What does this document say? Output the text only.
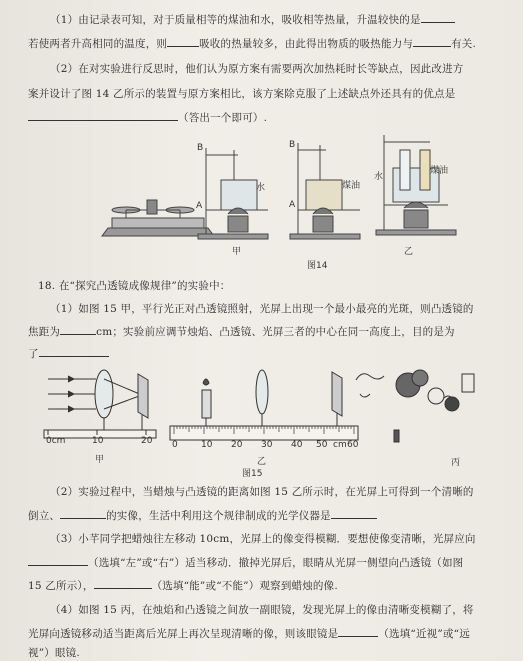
（1）由记录表可知，对于质量相等的煤油和水，吸收相等热量，升温较快的是
若使两者升高相同的温度，则	吸收的热量较多，由此得出物质的吸热能力与	有关.
（2）在对实验进行反思时，他们认为原方案有需要两次加热耗时长等缺点，因此改进方
案并设计了图 14 乙所示的装置与原方案相比，该方案除克服了上述缺点外还具有的优点是
（答出一个即可）.
B
A
水
B
A
煤油
水
煤油
甲	乙
图14
18. 在“探究凸透镜成像规律”的实验中：
（1）如图 15 甲，平行光正对凸透镜照射，光屏上出现一个最小最亮的光斑，则凸透镜的
焦距为	cm；实验前应调节烛焰、凸透镜、光屏三者的中心在同一高度上，目的是为
了
0cm	10	20 0	10 20 30 40 50 cm 60
甲	乙	丙
图15
（2）实验过程中，当蜡烛与凸透镜的距离如图 15 乙所示时，在光屏上可得到一个清晰的
倒立、	的实像，生活中利用这个规律制成的光学仪器是
（3）小芊同学把蜡烛往左移动 10cm，光屏上的像变得模糊．要想使像变清晰，光屏应向
（选填“左”或“右”）适当移动．撤掉光屏后，眼睛从光屏一侧望向凸透镜（如图
15 乙所示），	（选填“能”或“不能”）观察到蜡烛的像.
（4）如图 15 丙，在烛焰和凸透镜之间放一副眼镜，发现光屏上的像由清晰变模糊了，将
光屏向透镜移动适当距离后光屏上再次呈现清晰的像，则该眼镜是	（选填“近视”或“远
视”）眼镜.
